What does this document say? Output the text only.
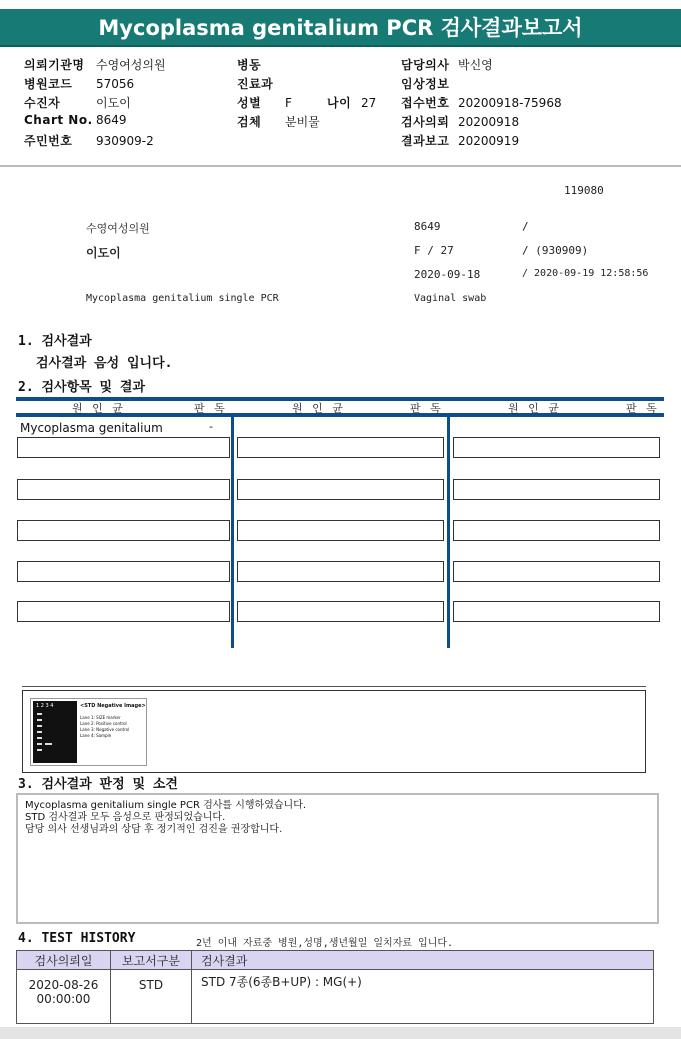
Mycoplasma genitalium PCR 검사결과보고서
의뢰기관명 수영여성의원
병원코드 57056
수진자	이도이
Chart No. 8649
주민번호 930909-2
병동
진료과
성별 F	나이 27
검체 분비물
담당의사 박신영
임상정보
접수번호 20200918-75968
검사의뢰 20200918
결과보고 20200919
119080
수영여성의원	8649	/
이도이	F / 27	/ (930909)
2020-09-18	/ 2020-09-19 12:58:56
Mycoplasma genitalium single PCR	Vaginal swab
1. 검사결과
검사결과 음성 입니다.
2. 검사항목 및 결과
원 인 균	판 독	원 인 균	판 독	원 인 균	판 독
Mycoplasma genitalium	-
1 2 3 4	<STD Negative Image>
Lane 1: SIZE marker
Lane 2: Positive control
Lane 3: Negative control
Lane 4: Sample
3. 검사결과 판정 및 소견
Mycoplasma genitalium single PCR 검사를 시행하였습니다.
STD 검사결과 모두 음성으로 판정되었습니다.
담당 의사 선생님과의 상담 후 정기적인 검진을 권장합니다.
4. TEST HISTORY	2년 이내 자료중 병원,성명,생년월일 일치자료 입니다.
검사의뢰일	보고서구분	검사결과

2020-08-26
00:00:00	STD	STD 7종(6종B+UP) : MG(+)
